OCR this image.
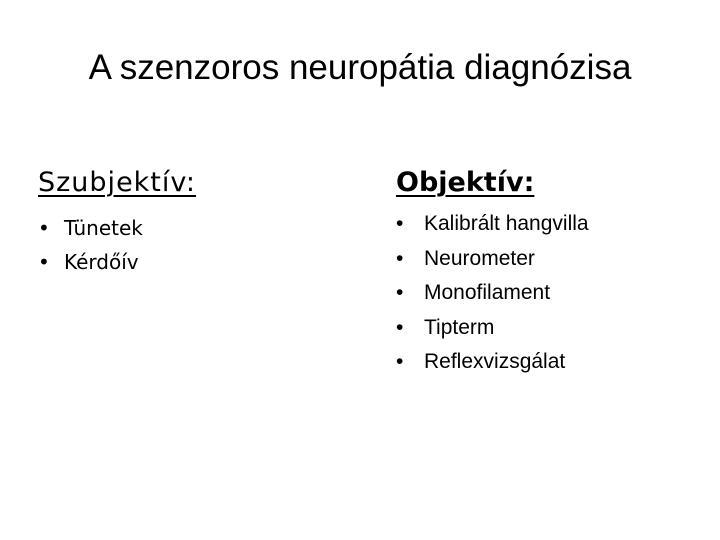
A szenzoros neuropátia diagnózisa
Szubjektív:
• Tünetek
• Kérdőív
Objektív:
• Kalibrált hangvilla
• Neurometer
• Monofilament
• Tipterm
• Reflexvizsgálat
